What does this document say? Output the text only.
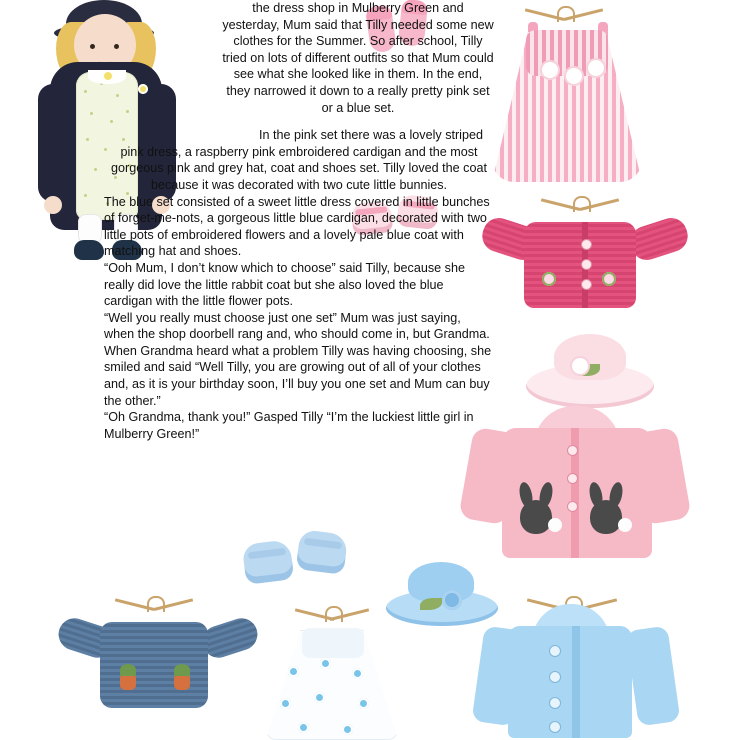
the dress shop in Mulberry Green and yesterday, Mum said that Tilly needed some new clothes for the Summer. So after school, Tilly tried on lots of different outfits so that Mum could see what she looked like in them. In the end, they narrowed it down to a really pretty pink set or a blue set.

In the pink set there was a lovely striped pink dress, a raspberry pink embroidered cardigan and the most gorgeous pink and grey hat, coat and shoes set. Tilly loved the coat because it was decorated with two cute little bunnies.

The blue set consisted of a sweet little dress covered in little bunches of forget-me-nots, a gorgeous little blue cardigan, decorated with two little pots of embroidered flowers and a lovely pale blue coat with matching hat and shoes.

“Ooh Mum, I don’t know which to choose” said Tilly, because she really did love the little rabbit coat but she also loved the blue cardigan with the little flower pots.

“Well you really must choose just one set” Mum was just saying, when the shop doorbell rang and, who should come in, but Grandma.

When Grandma heard what a problem Tilly was having choosing, she smiled and said “Well Tilly, you are growing out of all of your clothes and, as it is your birthday soon, I’ll buy you one set and Mum can buy the other.”

“Oh Grandma, thank you!” Gasped Tilly “I’m the luckiest little girl in Mulberry Green!”
